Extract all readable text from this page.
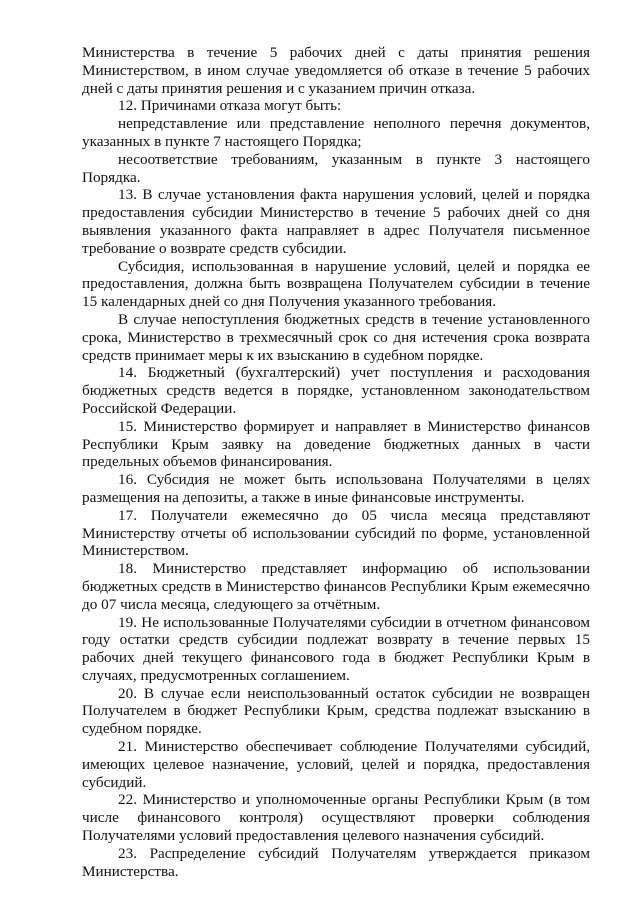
Министерства в течение 5 рабочих дней с даты принятия решения Министерством, в ином случае уведомляется об отказе в течение 5 рабочих дней с даты принятия решения и с указанием причин отказа.

12. Причинами отказа могут быть:

непредставление или представление неполного перечня документов, указанных в пункте 7 настоящего Порядка;

несоответствие требованиям, указанным в пункте 3 настоящего Порядка.

13. В случае установления факта нарушения условий, целей и порядка предоставления субсидии Министерство в течение 5 рабочих дней со дня выявления указанного факта направляет в адрес Получателя письменное требование о возврате средств субсидии.

Субсидия, использованная в нарушение условий, целей и порядка ее предоставления, должна быть возвращена Получателем субсидии в течение 15 календарных дней со дня Получения указанного требования.

В случае непоступления бюджетных средств в течение установленного срока, Министерство в трехмесячный срок со дня истечения срока возврата средств принимает меры к их взысканию в судебном порядке.

14. Бюджетный (бухгалтерский) учет поступления и расходования бюджетных средств ведется в порядке, установленном законодательством Российской Федерации.

15. Министерство формирует и направляет в Министерство финансов Республики Крым заявку на доведение бюджетных данных в части предельных объемов финансирования.

16. Субсидия не может быть использована Получателями в целях размещения на депозиты, а также в иные финансовые инструменты.

17. Получатели ежемесячно до 05 числа месяца представляют Министерству отчеты об использовании субсидий по форме, установленной Министерством.

18. Министерство представляет информацию об использовании бюджетных средств в Министерство финансов Республики Крым ежемесячно до 07 числа месяца, следующего за отчётным.

19. Не использованные Получателями субсидии в отчетном финансовом году остатки средств субсидии подлежат возврату в течение первых 15 рабочих дней текущего финансового года в бюджет Республики Крым в случаях, предусмотренных соглашением.

20. В случае если неиспользованный остаток субсидии не возвращен Получателем в бюджет Республики Крым, средства подлежат взысканию в судебном порядке.

21. Министерство обеспечивает соблюдение Получателями субсидий, имеющих целевое назначение, условий, целей и порядка, предоставления субсидий.

22. Министерство и уполномоченные органы Республики Крым (в том числе финансового контроля) осуществляют проверки соблюдения Получателями условий предоставления целевого назначения субсидий.

23. Распределение субсидий Получателям утверждается приказом Министерства.
